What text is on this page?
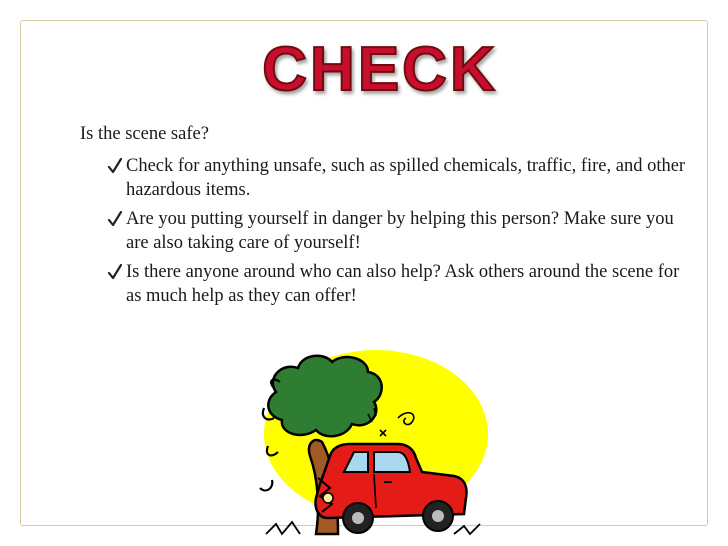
CHECK

Is the scene safe?

Check for anything unsafe, such as spilled chemicals, traffic, fire, and other hazardous items.
Are you putting yourself in danger by helping this person? Make sure you are also taking care of yourself!
Is there anyone around who can also help? Ask others around the scene for as much help as they can offer!
